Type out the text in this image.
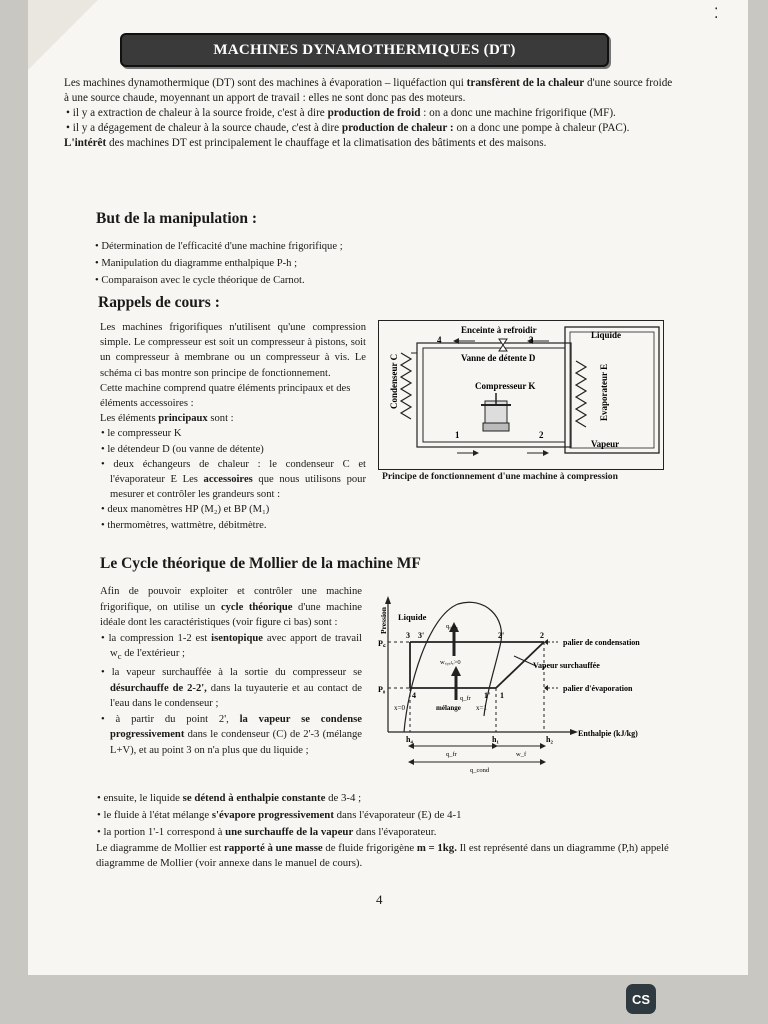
⁚
MACHINES DYNAMOTHERMIQUES (DT)

Les machines dynamothermique (DT) sont des machines à évaporation – liquéfaction qui transfèrent de la chaleur d'une source froide à une source chaude, moyennant un apport de travail : elles ne sont donc pas des moteurs.

• il y a extraction de chaleur à la source froide, c'est à dire production de froid : on a donc une machine frigorifique (MF).

• il y a dégagement de chaleur à la source chaude, c'est à dire production de chaleur : on a donc une pompe à chaleur (PAC).

L'intérêt des machines DT est principalement le chauffage et la climatisation des bâtiments et des maisons.

But de la manipulation :
• Détermination de l'efficacité d'une machine frigorifique ;
• Manipulation du diagramme enthalpique P-h ;
• Comparaison avec le cycle théorique de Carnot.
Rappels de cours :
Les machines frigorifiques n'utilisent qu'une compression simple. Le compresseur est soit un compresseur à pistons, soit un compresseur à membrane ou un compresseur à vis. Le schéma ci bas montre son principe de fonctionnement.
Cette machine comprend quatre éléments principaux et des éléments accessoires :
Les éléments principaux sont :
• le compresseur K
• le détendeur D (ou vanne de détente)
• deux échangeurs de chaleur : le condenseur C et l'évaporateur E Les accessoires que nous utilisons pour mesurer et contrôler les grandeurs sont :
• deux manomètres HP (M₂) et BP (M₁)
• thermomètres, wattmètre, débitmètre.
Enceinte à refroidir	Liquide
Vanne de détente D
Compresseur K
Vapeur
4	3
1	2
Condenseur C	Evaporateur E
Principe de fonctionnement d'une machine à compression
Le Cycle théorique de Mollier de la machine MF
Afin de pouvoir exploiter et contrôler une machine frigorifique, on utilise un cycle théorique d'une machine idéale dont les caractéristiques (voir figure ci bas) sont :
• la compression 1-2 est isentopique avec apport de travail $w_c$ de l'extérieur ;
• la vapeur surchauffée à la sortie du compresseur se désurchauffe de 2-2', dans la tuyauterie et au contact de l'eau dans le condenseur ;
• à partir du point 2', la vapeur se condense progressivement dans le condenseur (C) de 2'-3 (mélange L+V), et au point 3 on n'a plus que du liquide ;
Pression Liquide
P꜀
P₀
palier de condensation
palier d'évaporation
Vapeur surchauffée
q꜀ₒₙₐ
w꜀ᵧ꜀ₗₑ>0
q_fr
mélange
Enthalpie (kJ/kg)
h₄	h₁	h₂
q_fr	w_f
q_cond
x=0	x=1
3 3'	2'	2
4	1' 1
• ensuite, le liquide se détend à enthalpie constante de 3-4 ;
• le fluide à l'état mélange s'évapore progressivement dans l'évaporateur (E) de 4-1
• la portion 1'-1 correspond à une surchauffe de la vapeur dans l'évaporateur.
Le diagramme de Mollier est rapporté à une masse de fluide frigorigène m = 1kg. Il est représenté dans un diagramme (P,h) appelé diagramme de Mollier (voir annexe dans le manuel de cours).
4
CS
